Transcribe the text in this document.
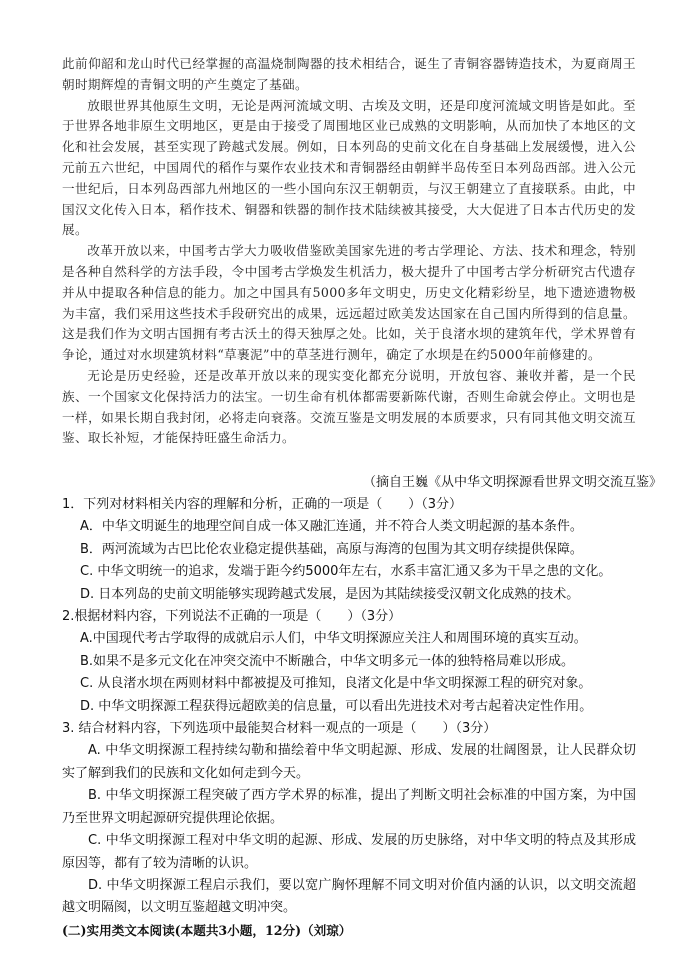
此前仰韶和龙山时代已经掌握的高温烧制陶器的技术相结合，诞生了青铜容器铸造技术，为夏商周王朝时期辉煌的青铜文明的产生奠定了基础。

放眼世界其他原生文明，无论是两河流域文明、古埃及文明，还是印度河流域文明皆是如此。至于世界各地非原生文明地区，更是由于接受了周围地区业已成熟的文明影响，从而加快了本地区的文化和社会发展，甚至实现了跨越式发展。例如，日本列岛的史前文化在自身基础上发展缓慢，进入公元前五六世纪，中国周代的稻作与粟作农业技术和青铜器经由朝鲜半岛传至日本列岛西部。进入公元一世纪后，日本列岛西部九州地区的一些小国向东汉王朝朝贡，与汉王朝建立了直接联系。由此，中国汉文化传入日本，稻作技术、铜器和铁器的制作技术陆续被其接受，大大促进了日本古代历史的发展。

改革开放以来，中国考古学大力吸收借鉴欧美国家先进的考古学理论、方法、技术和理念，特别是各种自然科学的方法手段，令中国考古学焕发生机活力，极大提升了中国考古学分析研究古代遗存并从中提取各种信息的能力。加之中国具有5000多年文明史，历史文化精彩纷呈，地下遗迹遗物极为丰富，我们采用这些技术手段研究出的成果，远远超过欧美发达国家在自己国内所得到的信息量。这是我们作为文明古国拥有考古沃土的得天独厚之处。比如，关于良渚水坝的建筑年代，学术界曾有争论，通过对水坝建筑材料“草裹泥”中的草茎进行测年，确定了水坝是在约5000年前修建的。

无论是历史经验，还是改革开放以来的现实变化都充分说明，开放包容、兼收并蓄，是一个民族、一个国家文化保持活力的法宝。一切生命有机体都需要新陈代谢，否则生命就会停止。文明也是一样，如果长期自我封闭，必将走向衰落。交流互鉴是文明发展的本质要求，只有同其他文明交流互鉴、取长补短，才能保持旺盛生命活力。

（摘自王巍《从中华文明探源看世界文明交流互鉴》

1．下列对材料相关内容的理解和分析，正确的一项是（　　）（3分）

A．中华文明诞生的地理空间自成一体又融汇连通，并不符合人类文明起源的基本条件。

B．两河流域为古巴比伦农业稳定提供基础，高原与海湾的包围为其文明存续提供保障。

C. 中华文明统一的追求，发端于距今约5000年左右，水系丰富汇通又多为干旱之患的文化。

D. 日本列岛的史前文明能够实现跨越式发展，是因为其陆续接受汉朝文化成熟的技术。

2.根据材料内容，下列说法不正确的一项是（　　）（3分）

A.中国现代考古学取得的成就启示人们，中华文明探源应关注人和周围环境的真实互动。

B.如果不是多元文化在冲突交流中不断融合，中华文明多元一体的独特格局难以形成。

C. 从良渚水坝在两则材料中都被提及可推知，良渚文化是中华文明探源工程的研究对象。

D. 中华文明探源工程获得远超欧美的信息量，可以看出先进技术对考古起着决定性作用。

3. 结合材料内容，下列选项中最能契合材料一观点的一项是（　　）（3分）

A. 中华文明探源工程持续勾勒和描绘着中华文明起源、形成、发展的壮阔图景，让人民群众切实了解到我们的民族和文化如何走到今天。

B. 中华文明探源工程突破了西方学术界的标准，提出了判断文明社会标准的中国方案，为中国乃至世界文明起源研究提供理论依据。

C. 中华文明探源工程对中华文明的起源、形成、发展的历史脉络，对中华文明的特点及其形成原因等，都有了较为清晰的认识。

D. 中华文明探源工程启示我们，要以宽广胸怀理解不同文明对价值内涵的认识，以文明交流超越文明隔阂，以文明互鉴超越文明冲突。

(二)实用类文本阅读(本题共3小题，12分)（刘琼）
